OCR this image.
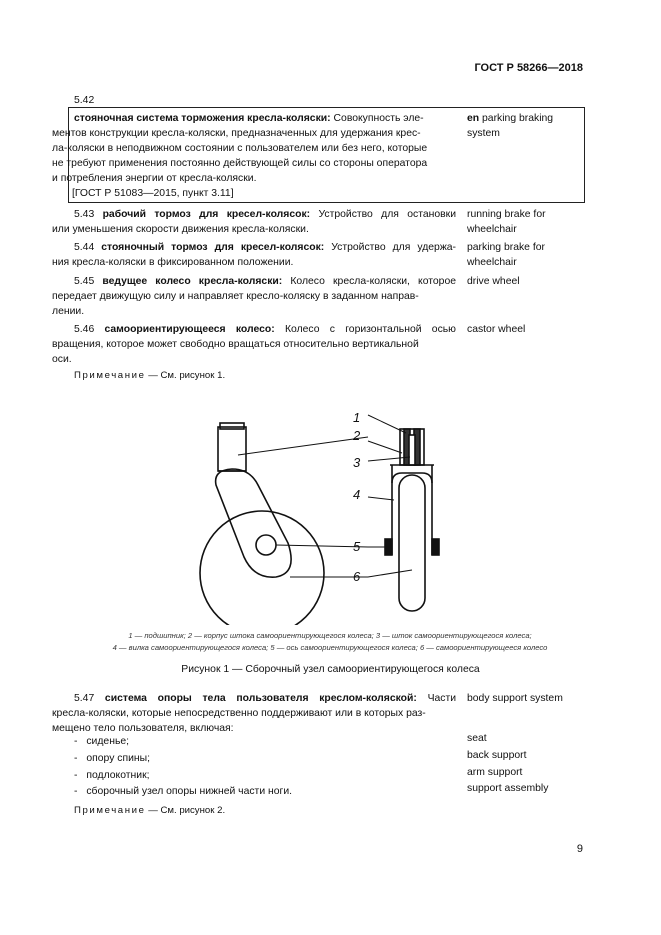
ГОСТ Р 58266—2018
5.42
стояночная система торможения кресла-коляски: Совокупность эле-
ментов конструкции кресла-коляски, предназначенных для удержания крес-
ла-коляски в неподвижном состоянии с пользователем или без него, которые
не требуют применения постоянно действующей силы со стороны оператора
и потребления энергии от кресла-коляски.
[ГОСТ Р 51083—2015, пункт 3.11]
en parking braking
system
5.43 рабочий тормоз для кресел-колясок: Устройство для остановки
или уменьшения скорости движения кресла-коляски.
running brake for
wheelchair
5.44 стояночный тормоз для кресел-колясок: Устройство для удержа-
ния кресла-коляски в фиксированном положении.
parking brake for
wheelchair
5.45 ведущее колесо кресла-коляски: Колесо кресла-коляски, которое
передает движущую силу и направляет кресло-коляску в заданном направ-
лении.
drive wheel
5.46 самоориентирующееся колесо: Колесо с горизонтальной осью
вращения, которое может свободно вращаться относительно вертикальной
оси.
castor wheel
Примечание — См. рисунок 1.
1
2
3
4
5
6
1 — подшипник; 2 — корпус штока самоориентирующегося колеса; 3 — шток самоориентирующегося колеса;
4 — вилка самоориентирующегося колеса; 5 — ось самоориентирующегося колеса; 6 — самоориентирующееся колесо
Рисунок 1 — Сборочный узел самоориентирующегося колеса
5.47 система опоры тела пользователя креслом-коляской: Части
кресла-коляски, которые непосредственно поддерживают или в которых раз-
мещено тело пользователя, включая:
body support system
- сиденье;	seat
- опору спины;	back support
- подлокотник;	arm support
- сборочный узел опоры нижней части ноги.	support assembly
Примечание — См. рисунок 2.
9
